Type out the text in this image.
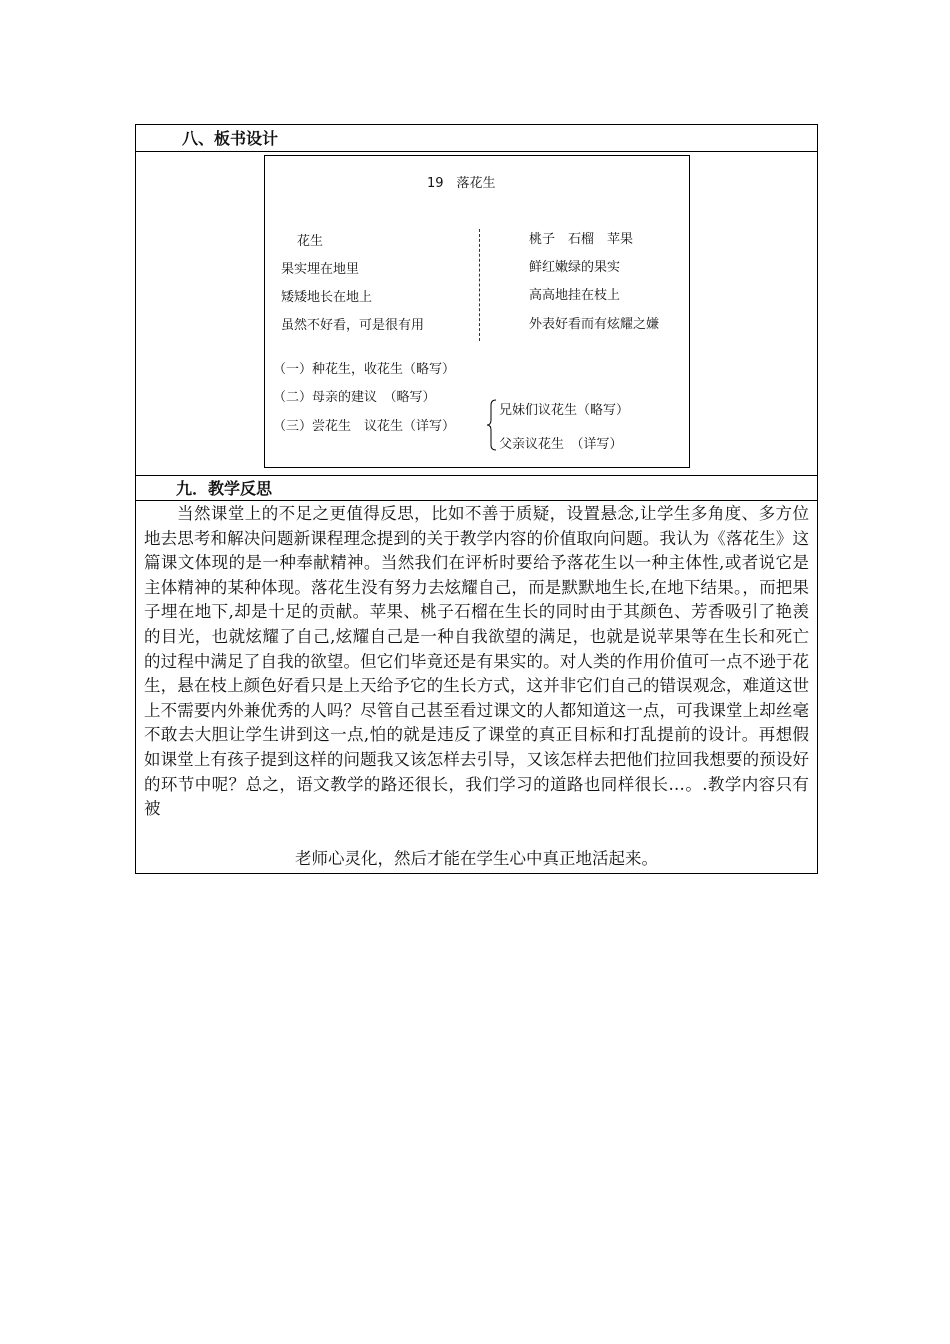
八、板书设计
19　落花生
花生
果实埋在地里
矮矮地长在地上
虽然不好看，可是很有用
桃子　石榴　苹果
鲜红嫩绿的果实
高高地挂在枝上
外表好看而有炫耀之嫌
（一）种花生，收花生（略写）
（二）母亲的建议　（略写）
（三）尝花生　议花生（详写）
兄妹们议花生（略写）
父亲议花生　（详写）
九．教学反思

当然课堂上的不足之更值得反思，比如不善于质疑，设置悬念,让学生多角度、多方位地去思考和解决问题新课程理念提到的关于教学内容的价值取向问题。我认为《落花生》这篇课文体现的是一种奉献精神。当然我们在评析时要给予落花生以一种主体性,或者说它是主体精神的某种体现。落花生没有努力去炫耀自己，而是默默地生长,在地下结果。，而把果子埋在地下,却是十足的贡献。苹果、桃子石榴在生长的同时由于其颜色、芳香吸引了艳羡的目光，也就炫耀了自己,炫耀自己是一种自我欲望的满足，也就是说苹果等在生长和死亡的过程中满足了自我的欲望。但它们毕竟还是有果实的。对人类的作用价值可一点不逊于花生，悬在枝上颜色好看只是上天给予它的生长方式，这并非它们自己的错误观念，难道这世上不需要内外兼优秀的人吗？尽管自己甚至看过课文的人都知道这一点，可我课堂上却丝毫不敢去大胆让学生讲到这一点,怕的就是违反了课堂的真正目标和打乱提前的设计。再想假如课堂上有孩子提到这样的问题我又该怎样去引导，又该怎样去把他们拉回我想要的预设好的环节中呢？总之，语文教学的路还很长，我们学习的道路也同样很长…。.教学内容只有被

老师心灵化，然后才能在学生心中真正地活起来。
